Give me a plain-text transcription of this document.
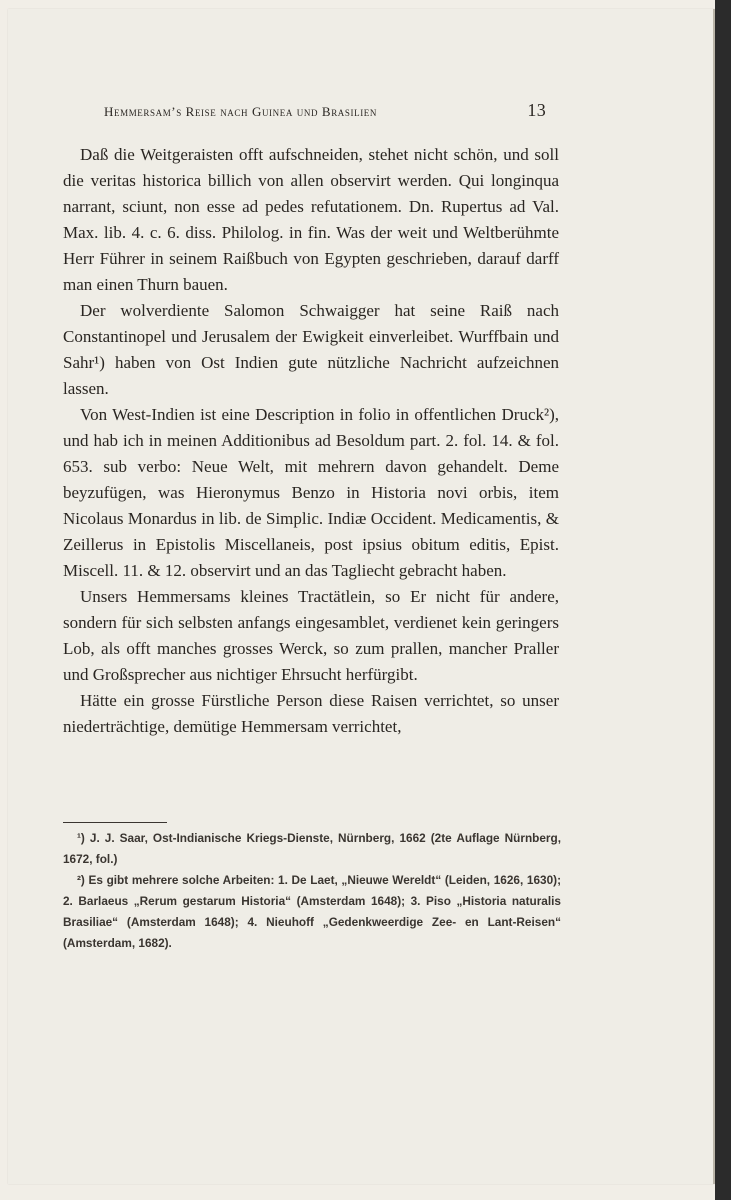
Hemmersam’s Reise nach Guinea und Brasilien	13

Daß die Weitgeraisten offt aufschneiden, stehet nicht schön, und soll die veritas historica billich von allen observirt werden. Qui longinqua narrant, sciunt, non esse ad pedes refutationem. Dn. Rupertus ad Val. Max. lib. 4. c. 6. diss. Philolog. in fin. Was der weit und Weltberühmte Herr Führer in seinem Raißbuch von Egypten geschrieben, darauf darff man einen Thurn bauen.

Der wolverdiente Salomon Schwaigger hat seine Raiß nach Constantinopel und Jerusalem der Ewigkeit einverleibet. Wurffbain und Sahr¹) haben von Ost Indien gute nützliche Nachricht aufzeichnen lassen.

Von West-Indien ist eine Description in folio in offentlichen Druck²), und hab ich in meinen Additionibus ad Besoldum part. 2. fol. 14. & fol. 653. sub verbo: Neue Welt, mit mehrern davon gehandelt. Deme beyzufügen, was Hieronymus Benzo in Historia novi orbis, item Nicolaus Monardus in lib. de Simplic. Indiæ Occident. Medicamentis, & Zeillerus in Epistolis Miscellaneis, post ipsius obitum editis, Epist. Miscell. 11. & 12. observirt und an das Tagliecht gebracht haben.

Unsers Hemmersams kleines Tractätlein, so Er nicht für andere, sondern für sich selbsten anfangs eingesamblet, verdienet kein geringers Lob, als offt manches grosses Werck, so zum prallen, mancher Praller und Großsprecher aus nichtiger Ehrsucht herfürgibt.

Hätte ein grosse Fürstliche Person diese Raisen verrichtet, so unser niederträchtige, demütige Hemmersam verrichtet,

¹) J. J. Saar, Ost-Indianische Kriegs-Dienste, Nürnberg, 1662 (2te Auflage Nürnberg, 1672, fol.)

²) Es gibt mehrere solche Arbeiten: 1. De Laet, „Nieuwe Wereldt“ (Leiden, 1626, 1630); 2. Barlaeus „Rerum gestarum Historia“ (Amsterdam 1648); 3. Piso „Historia naturalis Brasiliae“ (Amsterdam 1648); 4. Nieuhoff „Gedenkweerdige Zee- en Lant-Reisen“ (Amsterdam, 1682).
